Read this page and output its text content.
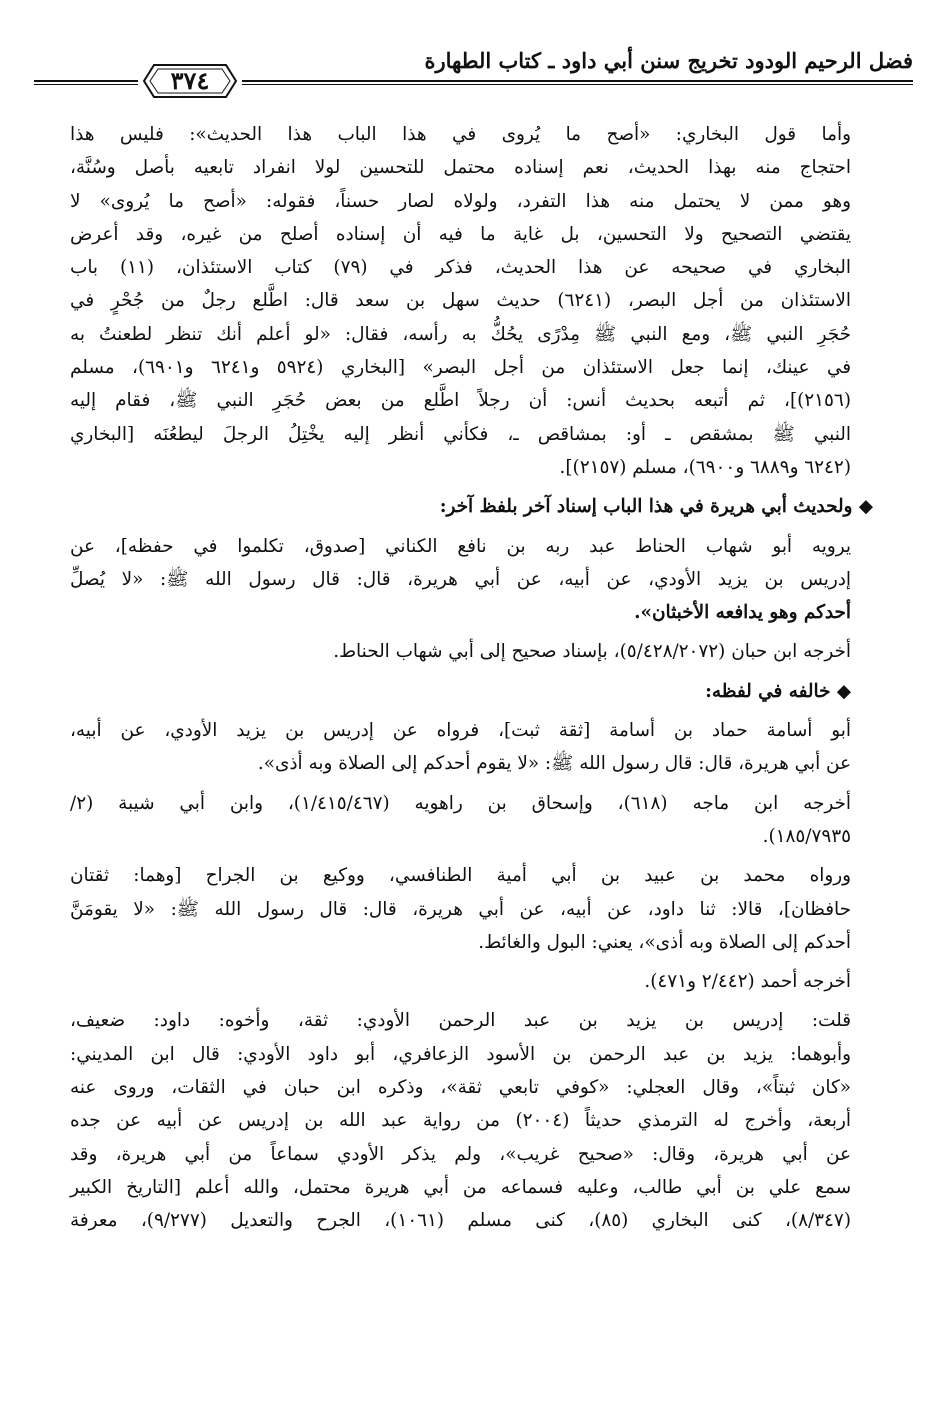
فضل الرحيم الودود تخريج سنن أبي داود ـ كتاب الطهارة
٣٧٤

وأما قول البخاري: «أصح ما يُروى في هذا الباب هذا الحديث»: فليس هذا
احتجاج منه بهذا الحديث، نعم إسناده محتمل للتحسين لولا انفراد تابعيه بأصل وسُنَّة،
وهو ممن لا يحتمل منه هذا التفرد، ولولاه لصار حسناً، فقوله: «أصح ما يُروى» لا
يقتضي التصحيح ولا التحسين، بل غاية ما فيه أن إسناده أصلح من غيره، وقد أعرض
البخاري في صحيحه عن هذا الحديث، فذكر في (٧٩) كتاب الاستئذان، (١١) باب
الاستئذان من أجل البصر، (٦٢٤١) حديث سهل بن سعد قال: اطَّلع رجلٌ من جُحْرٍ في
حُجَرِ النبي ﷺ، ومع النبي ﷺ مِدْرًى يحُكُّ به رأسه، فقال: «لو أعلم أنك تنظر لطعنتُ به
في عينك، إنما جعل الاستئذان من أجل البصر» [البخاري (٥٩٢٤ و٦٢٤١ و٦٩٠١)، مسلم
(٢١٥٦)]، ثم أتبعه بحديث أنس: أن رجلاً اطَّلع من بعض حُجَرِ النبي ﷺ، فقام إليه
النبي ﷺ بمشقص ـ أو: بمشاقص ـ، فكأني أنظر إليه يخْتِلُ الرجلَ ليطعُنَه [البخاري
(٦٢٤٢ و٦٨٨٩ و٦٩٠٠)، مسلم (٢١٥٧)].

◆ ولحديث أبي هريرة في هذا الباب إسناد آخر بلفظ آخر:

يرويه أبو شهاب الحناط عبد ربه بن نافع الكناني [صدوق، تكلموا في حفظه]، عن
إدريس بن يزيد الأودي، عن أبيه، عن أبي هريرة، قال: قال رسول الله ﷺ: «لا يُصلِّ
أحدكم وهو يدافعه الأخبثان».

أخرجه ابن حبان (٥/٤٢٨/٢٠٧٢)، بإسناد صحيح إلى أبي شهاب الحناط.

◆ خالفه في لفظه:

أبو أسامة حماد بن أسامة [ثقة ثبت]، فرواه عن إدريس بن يزيد الأودي، عن أبيه،
عن أبي هريرة، قال: قال رسول الله ﷺ: «لا يقوم أحدكم إلى الصلاة وبه أذى».

أخرجه ابن ماجه (٦١٨)، وإسحاق بن راهويه (١/٤١٥/٤٦٧)، وابن أبي شيبة (٢/
١٨٥/٧٩٣٥).

ورواه محمد بن عبيد بن أبي أمية الطنافسي، ووكيع بن الجراح [وهما: ثقتان
حافظان]، قالا: ثنا داود، عن أبيه، عن أبي هريرة، قال: قال رسول الله ﷺ: «لا يقومَنَّ
أحدكم إلى الصلاة وبه أذى»، يعني: البول والغائط.

أخرجه أحمد (٢/٤٤٢ و٤٧١).

قلت: إدريس بن يزيد بن عبد الرحمن الأودي: ثقة، وأخوه: داود: ضعيف،
وأبوهما: يزيد بن عبد الرحمن بن الأسود الزعافري، أبو داود الأودي: قال ابن المديني:
«كان ثبتاً»، وقال العجلي: «كوفي تابعي ثقة»، وذكره ابن حبان في الثقات، وروى عنه
أربعة، وأخرج له الترمذي حديثاً (٢٠٠٤) من رواية عبد الله بن إدريس عن أبيه عن جده
عن أبي هريرة، وقال: «صحيح غريب»، ولم يذكر الأودي سماعاً من أبي هريرة، وقد
سمع علي بن أبي طالب، وعليه فسماعه من أبي هريرة محتمل، والله أعلم [التاريخ الكبير
(٨/٣٤٧)، كنى البخاري (٨٥)، كنى مسلم (١٠٦١)، الجرح والتعديل (٩/٢٧٧)، معرفة
